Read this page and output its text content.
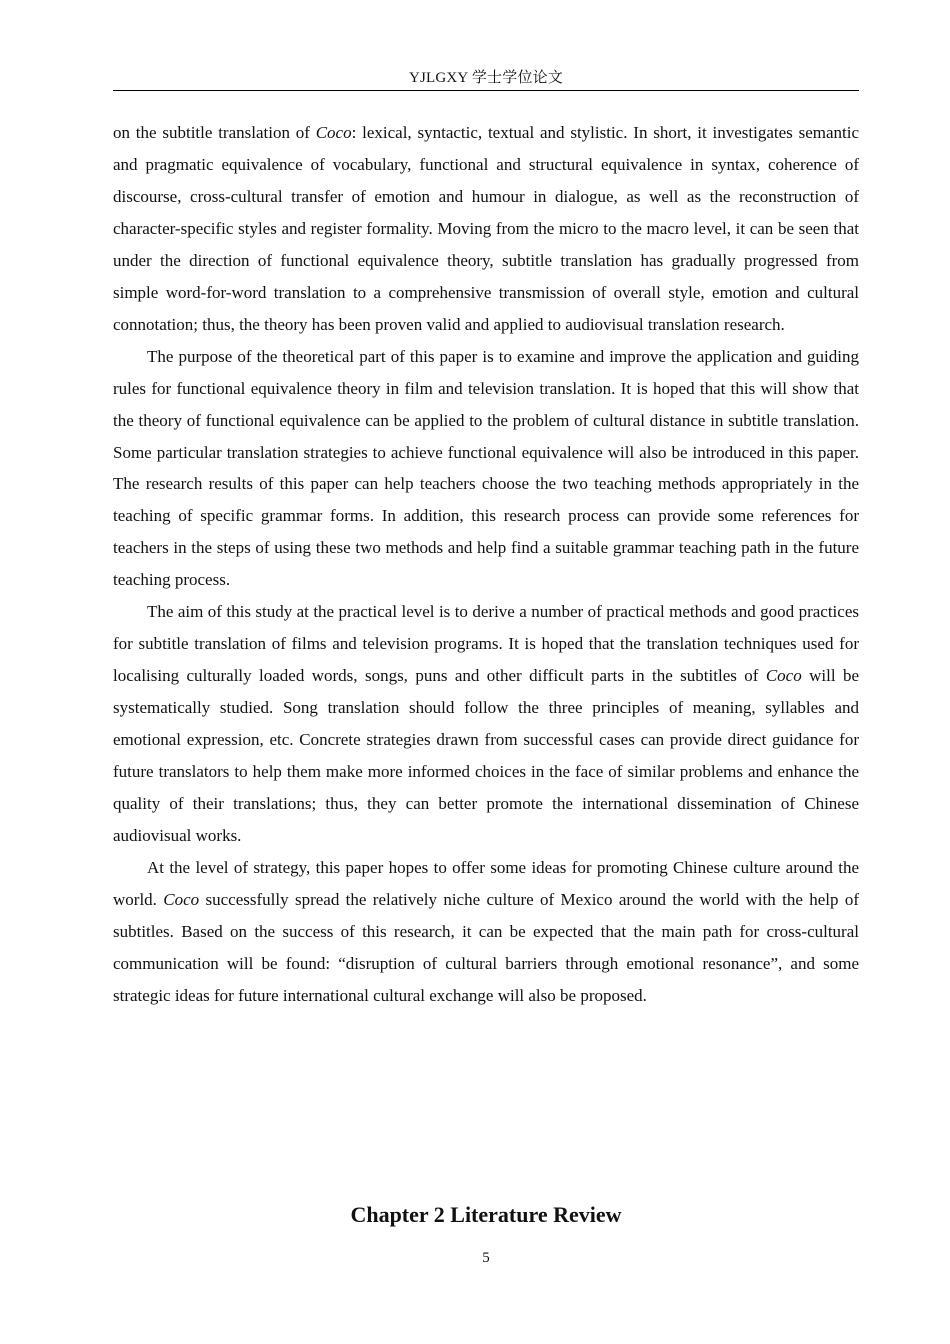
YJLGXY 学士学位论文

on the subtitle translation of Coco: lexical, syntactic, textual and stylistic. In short, it investigates semantic and pragmatic equivalence of vocabulary, functional and structural equivalence in syntax, coherence of discourse, cross-cultural transfer of emotion and humour in dialogue, as well as the reconstruction of character-specific styles and register formality. Moving from the micro to the macro level, it can be seen that under the direction of functional equivalence theory, subtitle translation has gradually progressed from simple word-for-word translation to a comprehensive transmission of overall style, emotion and cultural connotation; thus, the theory has been proven valid and applied to audiovisual translation research.

The purpose of the theoretical part of this paper is to examine and improve the application and guiding rules for functional equivalence theory in film and television translation. It is hoped that this will show that the theory of functional equivalence can be applied to the problem of cultural distance in subtitle translation. Some particular translation strategies to achieve functional equivalence will also be introduced in this paper. The research results of this paper can help teachers choose the two teaching methods appropriately in the teaching of specific grammar forms. In addition, this research process can provide some references for teachers in the steps of using these two methods and help find a suitable grammar teaching path in the future teaching process.

The aim of this study at the practical level is to derive a number of practical methods and good practices for subtitle translation of films and television programs. It is hoped that the translation techniques used for localising culturally loaded words, songs, puns and other difficult parts in the subtitles of Coco will be systematically studied. Song translation should follow the three principles of meaning, syllables and emotional expression, etc. Concrete strategies drawn from successful cases can provide direct guidance for future translators to help them make more informed choices in the face of similar problems and enhance the quality of their translations; thus, they can better promote the international dissemination of Chinese audiovisual works.

At the level of strategy, this paper hopes to offer some ideas for promoting Chinese culture around the world. Coco successfully spread the relatively niche culture of Mexico around the world with the help of subtitles. Based on the success of this research, it can be expected that the main path for cross-cultural communication will be found: “disruption of cultural barriers through emotional resonance”, and some strategic ideas for future international cultural exchange will also be proposed.

Chapter 2 Literature Review
5
